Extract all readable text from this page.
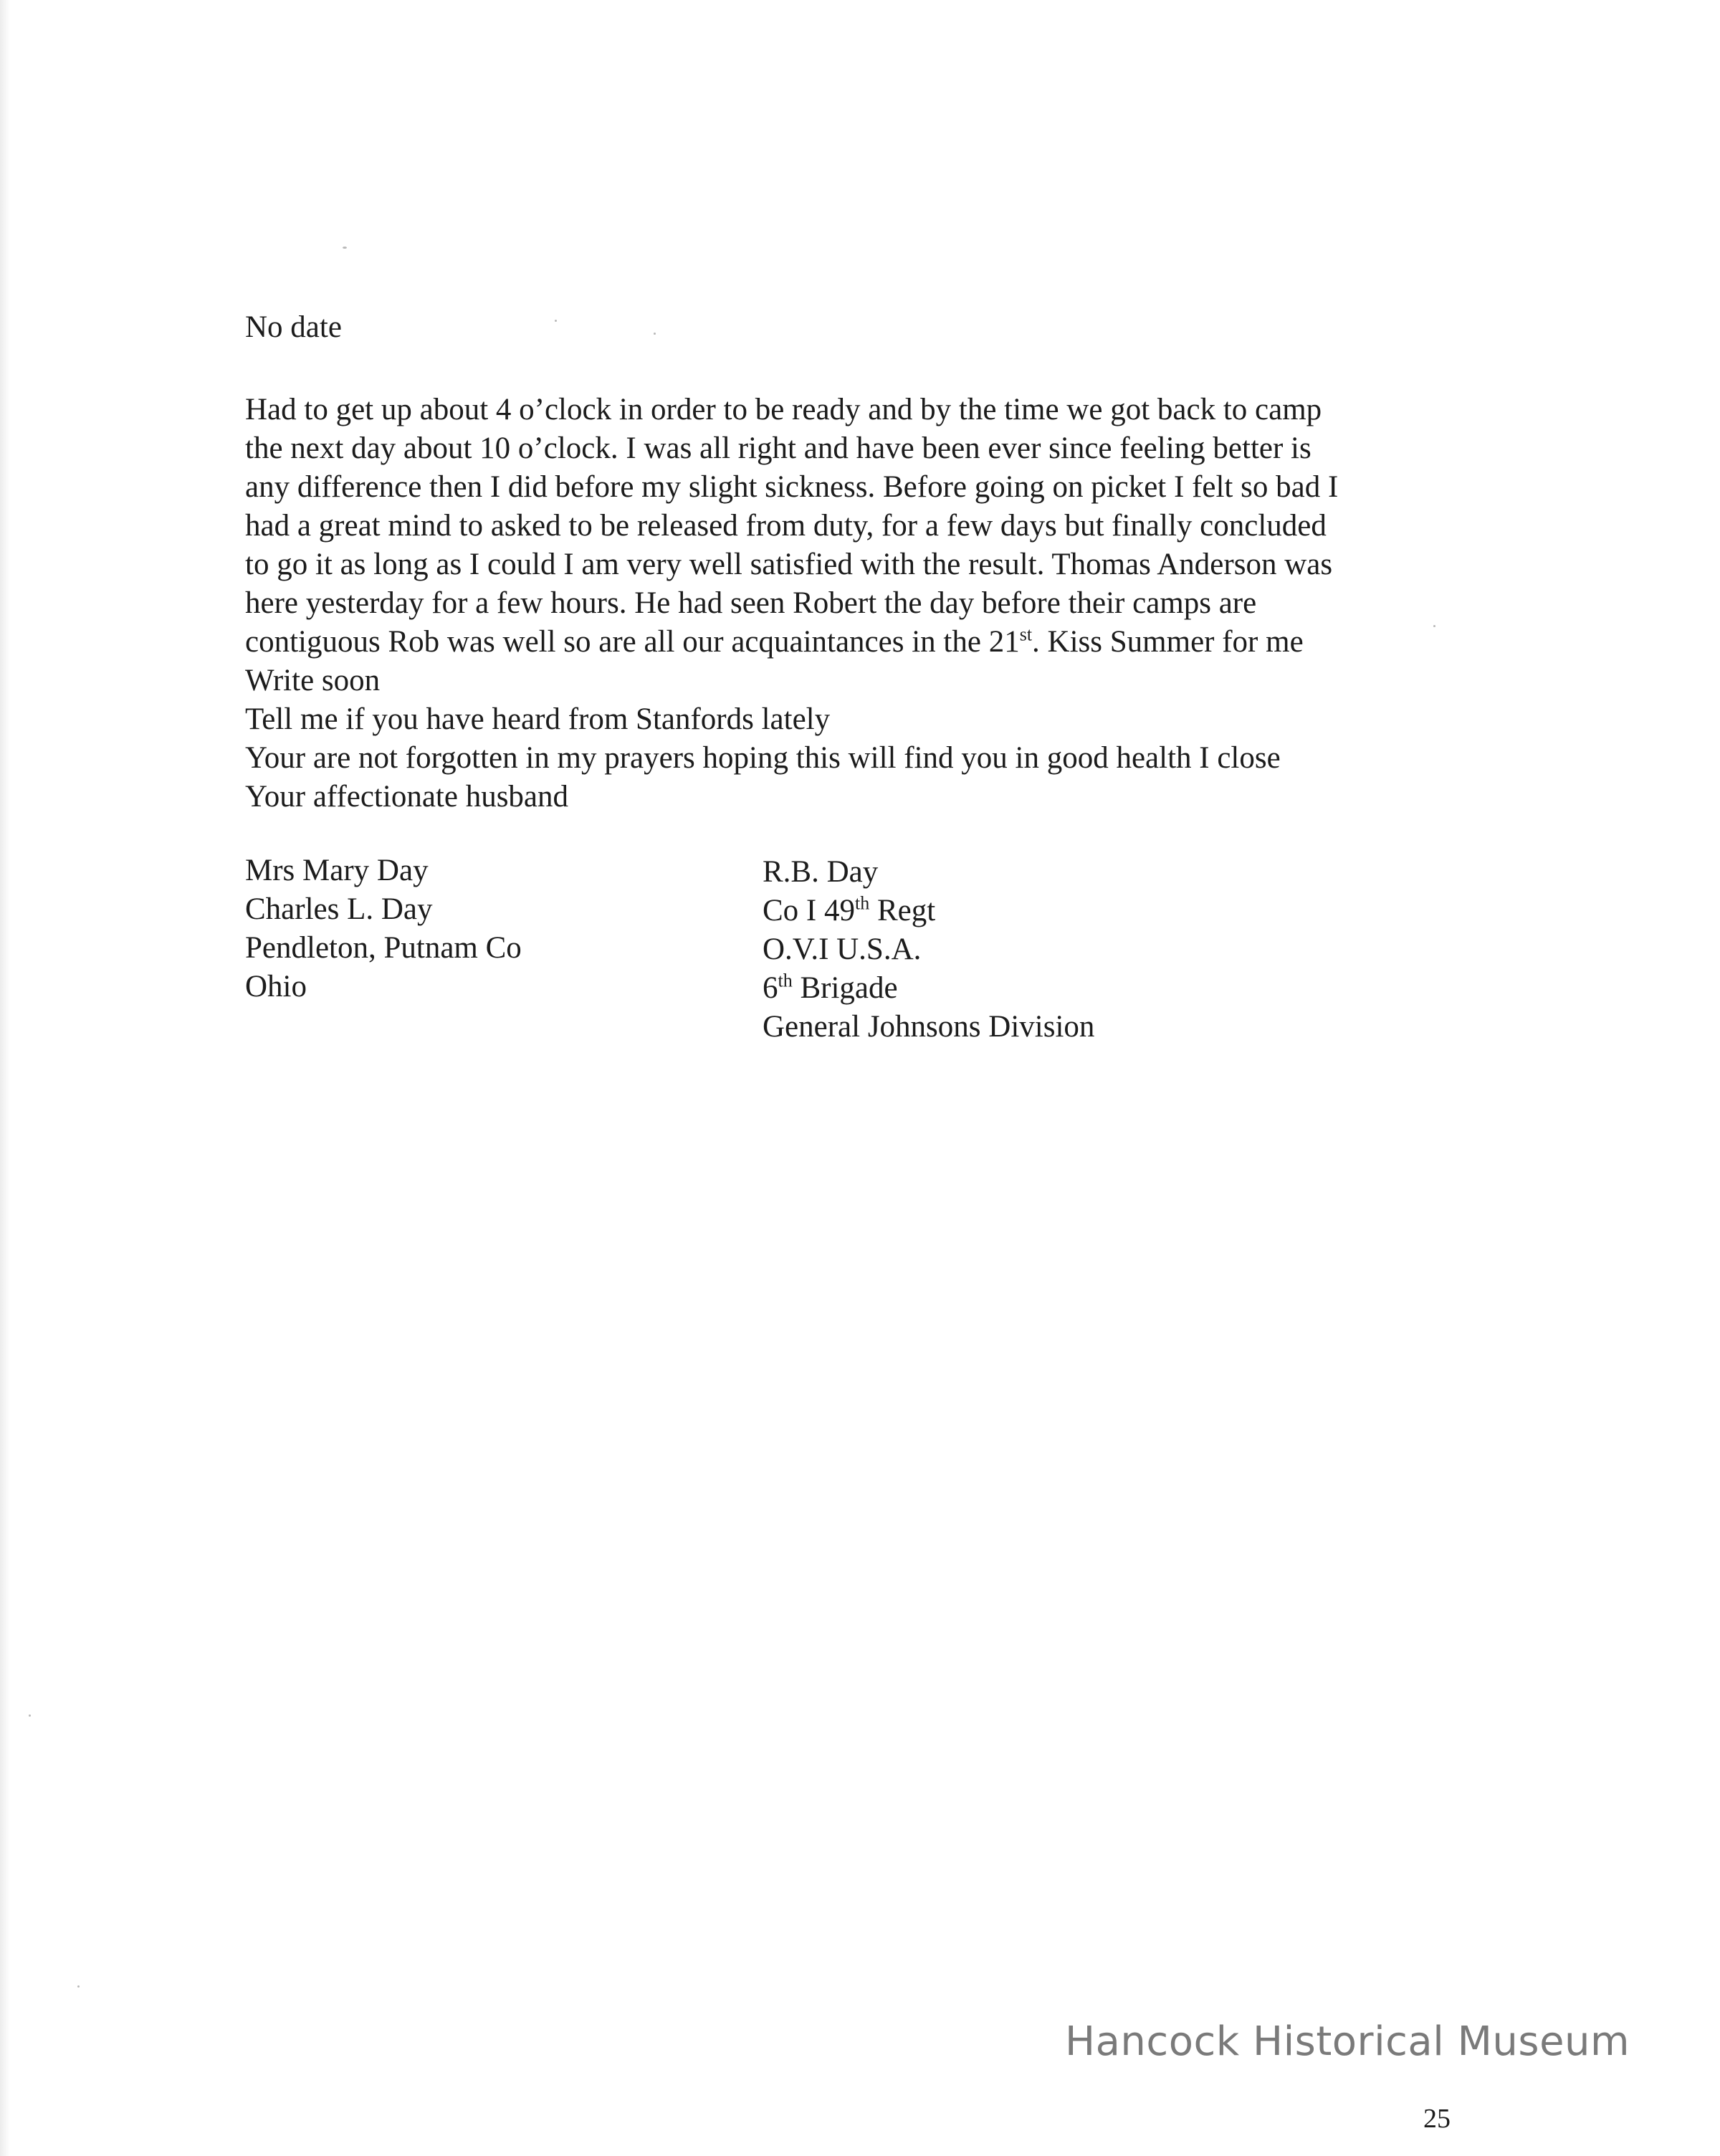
No date
Had to get up about 4 o’clock in order to be ready and by the time we got back to camp
the next day about 10 o’clock. I was all right and have been ever since feeling better is
any difference then I did before my slight sickness. Before going on picket I felt so bad I
had a great mind to asked to be released from duty, for a few days but finally concluded
to go it as long as I could I am very well satisfied with the result. Thomas Anderson was
here yesterday for a few hours. He had seen Robert the day before their camps are
contiguous Rob was well so are all our acquaintances in the 21st. Kiss Summer for me
Write soon
Tell me if you have heard from Stanfords lately
Your are not forgotten in my prayers hoping this will find you in good health I close
Your affectionate husband
Mrs Mary Day
Charles L. Day
Pendleton, Putnam Co
Ohio
R.B. Day
Co I 49th Regt
O.V.I U.S.A.
6th Brigade
General Johnsons Division
Hancock Historical Museum
25
